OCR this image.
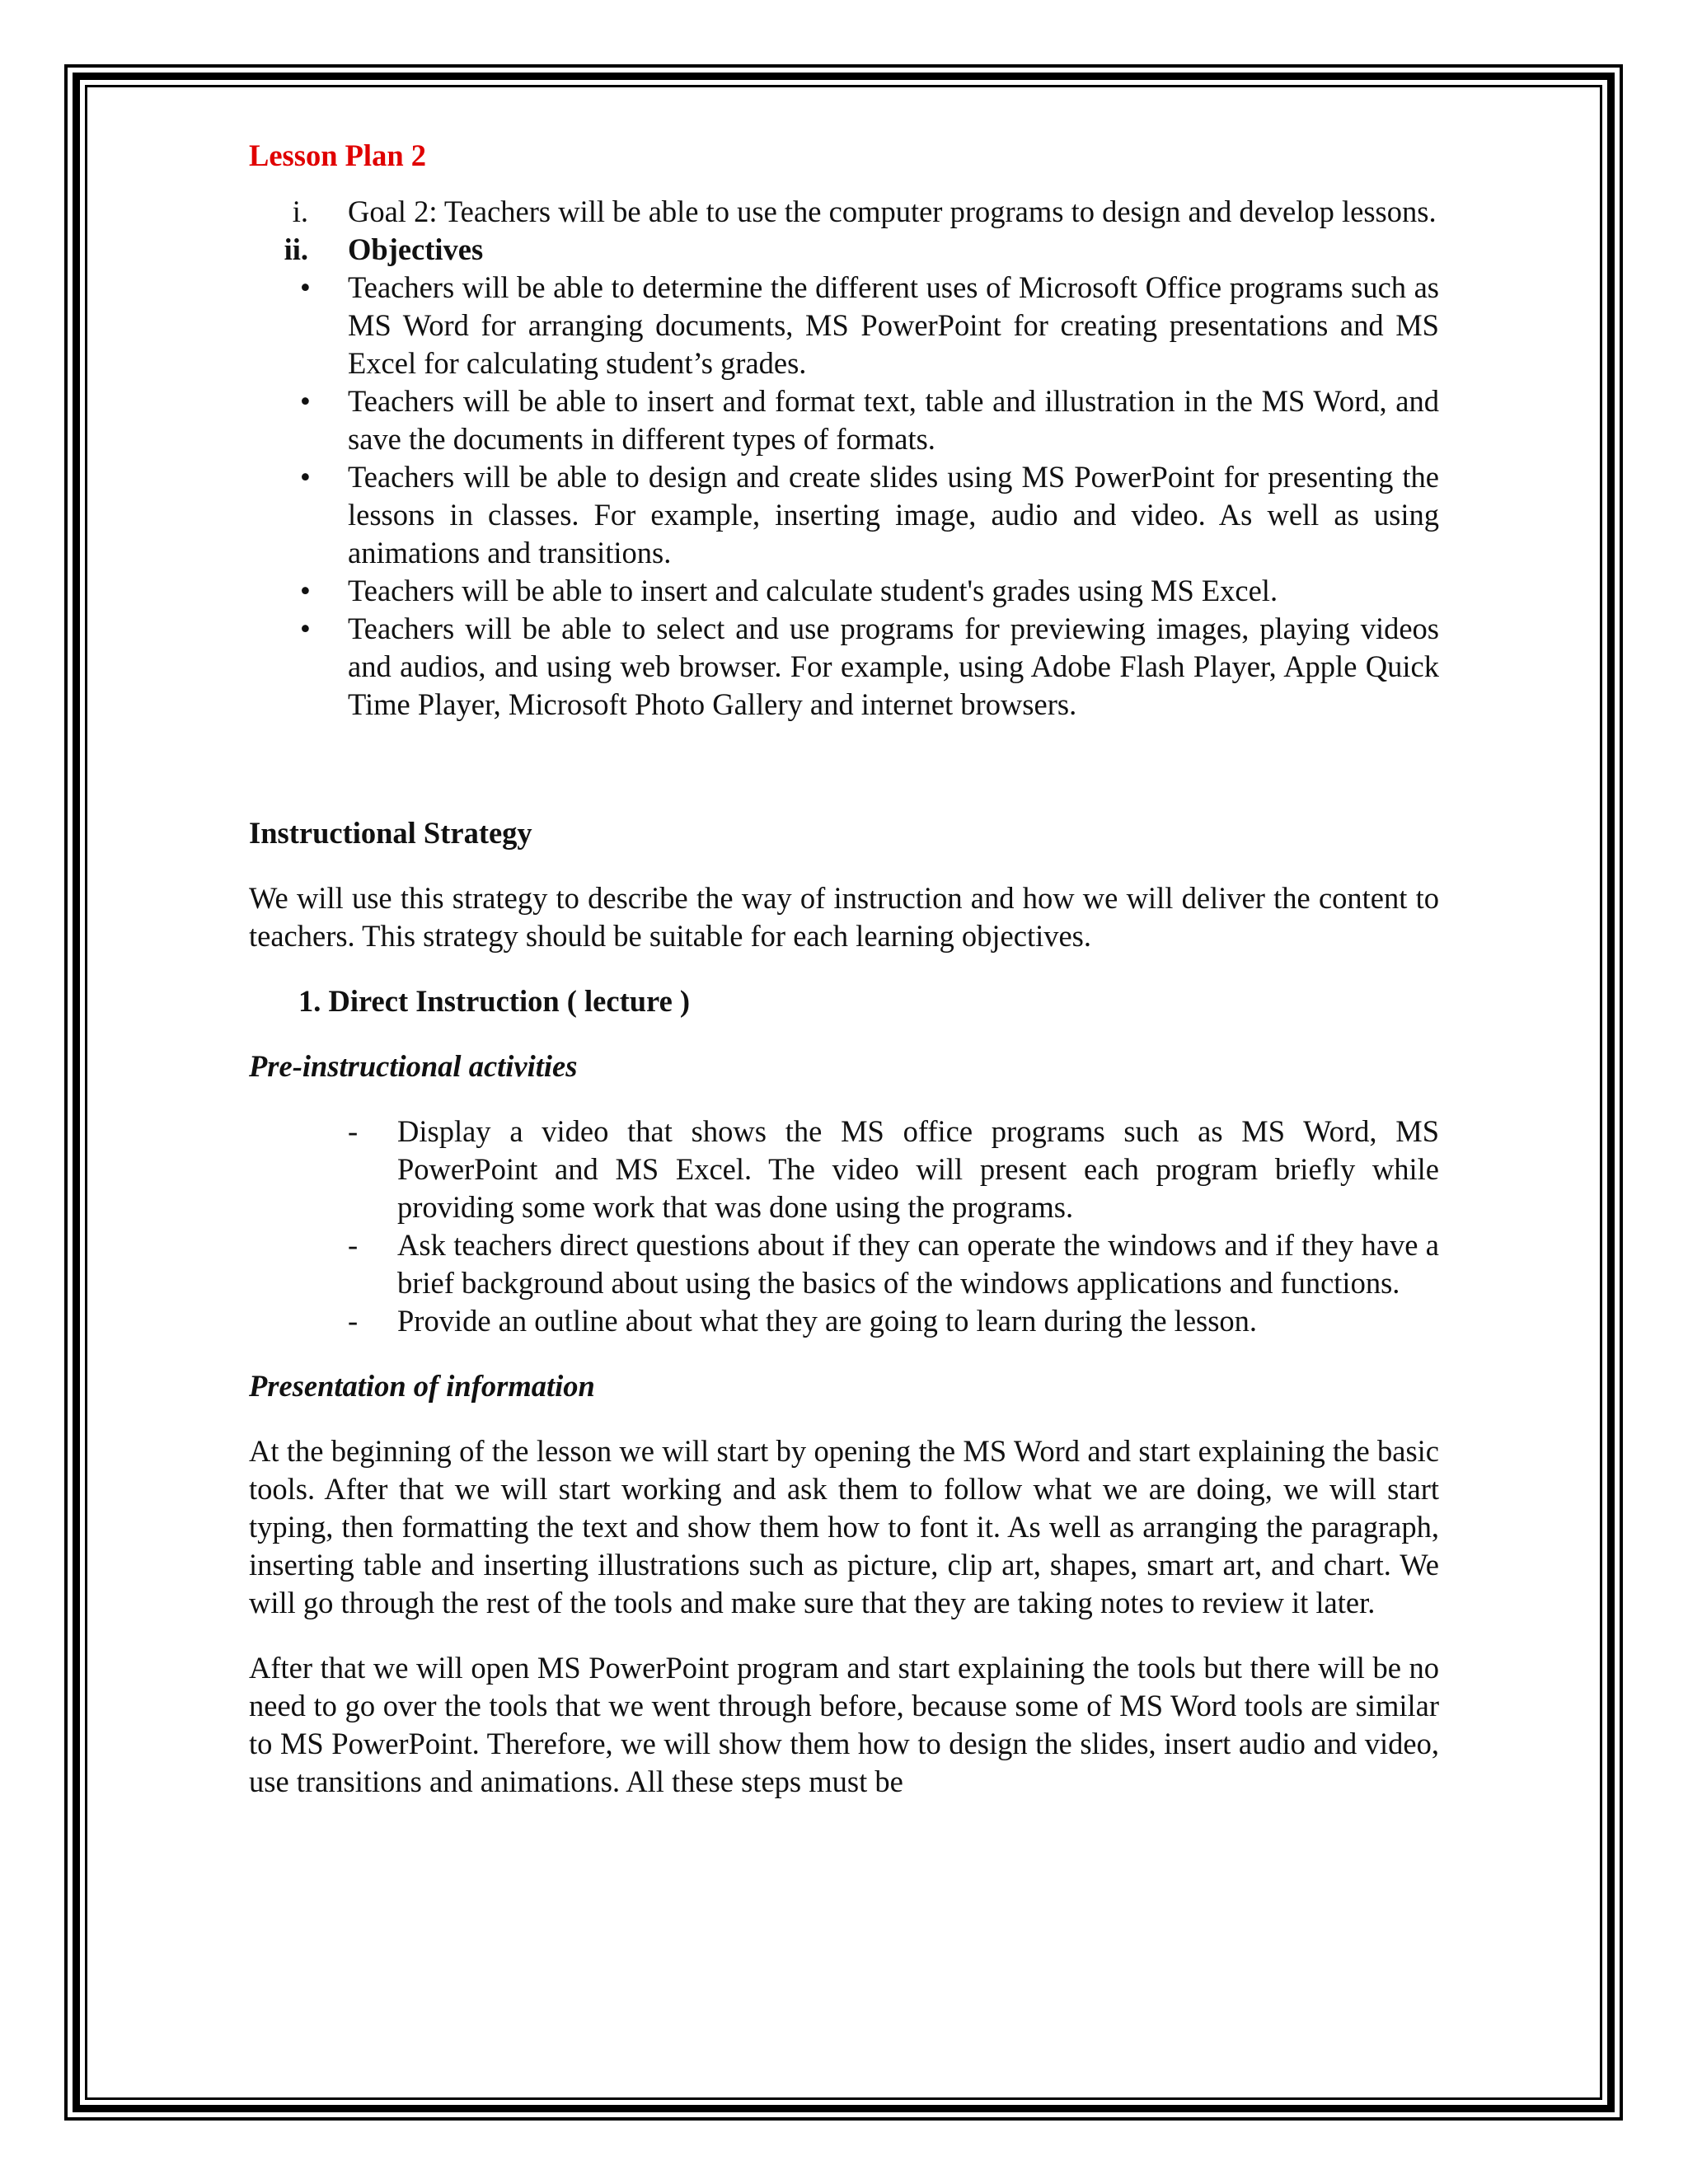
Lesson Plan 2

i. Goal 2: Teachers will be able to use the computer programs to design and develop lessons.
ii. Objectives
• Teachers will be able to determine the different uses of Microsoft Office programs such as MS Word for arranging documents, MS PowerPoint for creating presentations and MS Excel for calculating student’s grades.
• Teachers will be able to insert and format text, table and illustration in the MS Word, and save the documents in different types of formats.
• Teachers will be able to design and create slides using MS PowerPoint for presenting the lessons in classes. For example, inserting image, audio and video. As well as using animations and transitions.
• Teachers will be able to insert and calculate student's grades using MS Excel.
• Teachers will be able to select and use programs for previewing images, playing videos and audios, and using web browser. For example, using Adobe Flash Player, Apple Quick Time Player, Microsoft Photo Gallery and internet browsers.

Instructional Strategy

We will use this strategy to describe the way of instruction and how we will deliver the content to teachers. This strategy should be suitable for each learning objectives.

1. Direct Instruction ( lecture )

Pre-instructional activities

- Display a video that shows the MS office programs such as MS Word, MS PowerPoint and MS Excel. The video will present each program briefly while providing some work that was done using the programs.
- Ask teachers direct questions about if they can operate the windows and if they have a brief background about using the basics of the windows applications and functions.
- Provide an outline about what they are going to learn during the lesson.

Presentation of information

At the beginning of the lesson we will start by opening the MS Word and start explaining the basic tools. After that we will start working and ask them to follow what we are doing, we will start typing, then formatting the text and show them how to font it. As well as arranging the paragraph, inserting table and inserting illustrations such as picture, clip art, shapes, smart art, and chart. We will go through the rest of the tools and make sure that they are taking notes to review it later.

After that we will open MS PowerPoint program and start explaining the tools but there will be no need to go over the tools that we went through before, because some of MS Word tools are similar to MS PowerPoint. Therefore, we will show them how to design the slides, insert audio and video, use transitions and animations. All these steps must be
